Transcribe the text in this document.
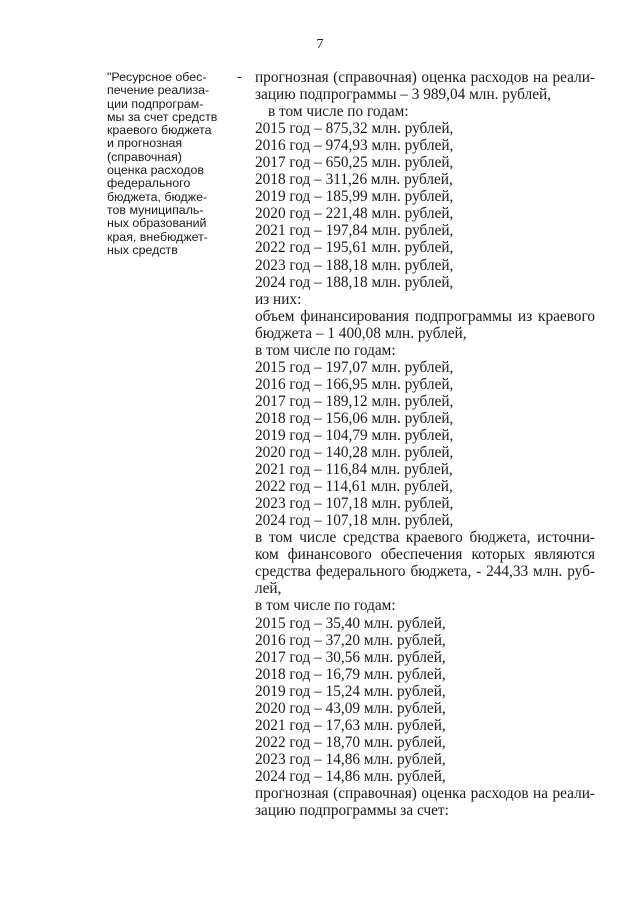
7
"Ресурсное обес-
печение реализа-
ции подпрограм-
мы за счет средств
краевого бюджета
и прогнозная
(справочная)
оценка расходов
федерального
бюджета, бюдже-
тов муниципаль-
ных образований
края, внебюджет-
ных средств
- прогнозная (справочная) оценка расходов на реали-
зацию подпрограммы – 3 989,04 млн. рублей,
в том числе по годам:
2015 год – 875,32 млн. рублей,
2016 год – 974,93 млн. рублей,
2017 год – 650,25 млн. рублей,
2018 год – 311,26 млн. рублей,
2019 год – 185,99 млн. рублей,
2020 год – 221,48 млн. рублей,
2021 год – 197,84 млн. рублей,
2022 год – 195,61 млн. рублей,
2023 год – 188,18 млн. рублей,
2024 год – 188,18 млн. рублей,
из них:
объем финансирования подпрограммы из краевого
бюджета – 1 400,08 млн. рублей,
в том числе по годам:
2015 год – 197,07 млн. рублей,
2016 год – 166,95 млн. рублей,
2017 год – 189,12 млн. рублей,
2018 год – 156,06 млн. рублей,
2019 год – 104,79 млн. рублей,
2020 год – 140,28 млн. рублей,
2021 год – 116,84 млн. рублей,
2022 год – 114,61 млн. рублей,
2023 год – 107,18 млн. рублей,
2024 год – 107,18 млн. рублей,
в том числе средства краевого бюджета, источни-
ком финансового обеспечения которых являются
средства федерального бюджета, - 244,33 млн. руб-
лей,
в том числе по годам:
2015 год – 35,40 млн. рублей,
2016 год – 37,20 млн. рублей,
2017 год – 30,56 млн. рублей,
2018 год – 16,79 млн. рублей,
2019 год – 15,24 млн. рублей,
2020 год – 43,09 млн. рублей,
2021 год – 17,63 млн. рублей,
2022 год – 18,70 млн. рублей,
2023 год – 14,86 млн. рублей,
2024 год – 14,86 млн. рублей,
прогнозная (справочная) оценка расходов на реали-
зацию подпрограммы за счет:
